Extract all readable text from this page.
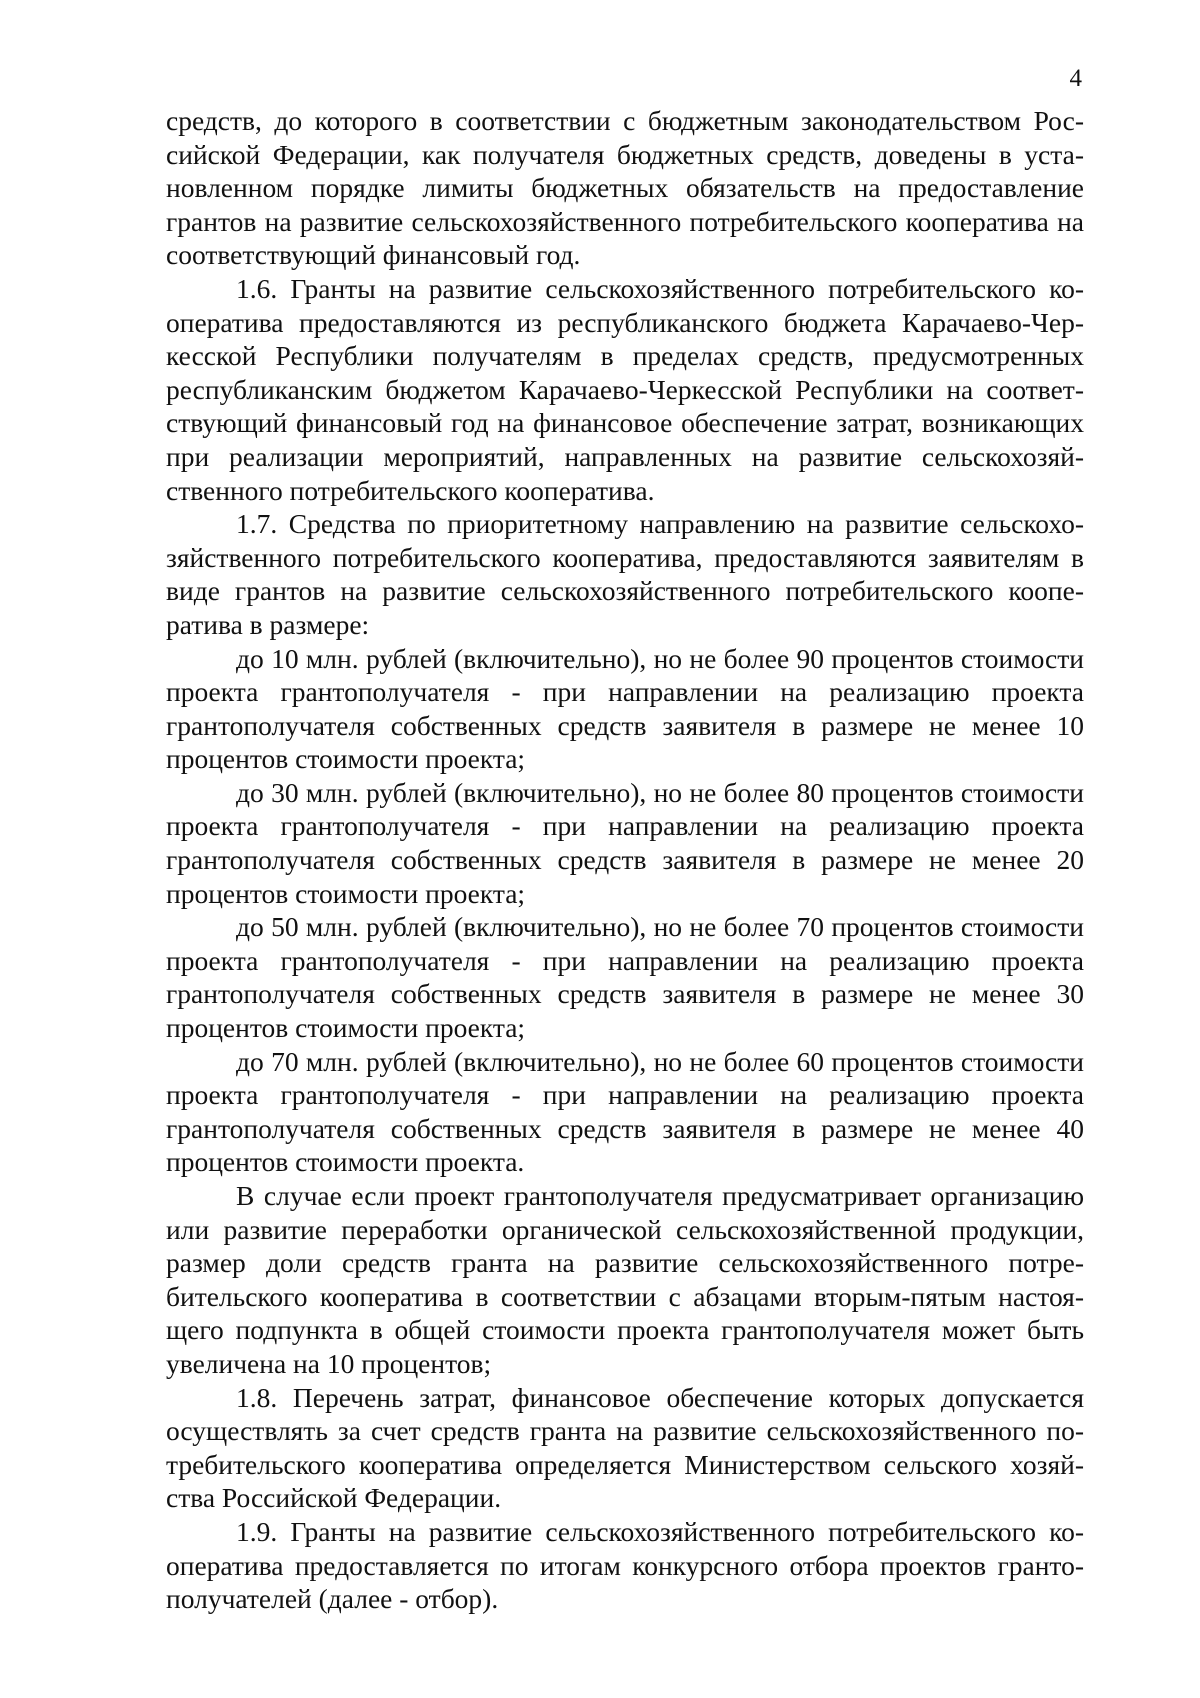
4

средств, до которого в соответствии с бюджетным законодательством Российской Федерации, как получателя бюджетных средств, доведены в установленном порядке лимиты бюджетных обязательств на предоставление грантов на развитие сельскохозяйственного потребительского кооператива на соответствующий финансовый год.

1.6. Гранты на развитие сельскохозяйственного потребительского кооператива предоставляются из республиканского бюджета Карачаево-Черкесской Республики получателям в пределах средств, предусмотренных республиканским бюджетом Карачаево-Черкесской Республики на соответствующий финансовый год на финансовое обеспечение затрат, возникающих при реализации мероприятий, направленных на развитие сельскохозяйственного потребительского кооператива.

1.7. Средства по приоритетному направлению на развитие сельскохозяйственного потребительского кооператива, предоставляются заявителям в виде грантов на развитие сельскохозяйственного потребительского кооператива в размере:

до 10 млн. рублей (включительно), но не более 90 процентов стоимости проекта грантополучателя - при направлении на реализацию проекта грантополучателя собственных средств заявителя в размере не менее 10 процентов стоимости проекта;

до 30 млн. рублей (включительно), но не более 80 процентов стоимости проекта грантополучателя - при направлении на реализацию проекта грантополучателя собственных средств заявителя в размере не менее 20 процентов стоимости проекта;

до 50 млн. рублей (включительно), но не более 70 процентов стоимости проекта грантополучателя - при направлении на реализацию проекта грантополучателя собственных средств заявителя в размере не менее 30 процентов стоимости проекта;

до 70 млн. рублей (включительно), но не более 60 процентов стоимости проекта грантополучателя - при направлении на реализацию проекта грантополучателя собственных средств заявителя в размере не менее 40 процентов стоимости проекта.

В случае если проект грантополучателя предусматривает организацию или развитие переработки органической сельскохозяйственной продукции, размер доли средств гранта на развитие сельскохозяйственного потребительского кооператива в соответствии с абзацами вторым-пятым настоящего подпункта в общей стоимости проекта грантополучателя может быть увеличена на 10 процентов;

1.8. Перечень затрат, финансовое обеспечение которых допускается осуществлять за счет средств гранта на развитие сельскохозяйственного потребительского кооператива определяется Министерством сельского хозяйства Российской Федерации.

1.9. Гранты на развитие сельскохозяйственного потребительского кооператива предоставляется по итогам конкурсного отбора проектов грантополучателей (далее - отбор).
